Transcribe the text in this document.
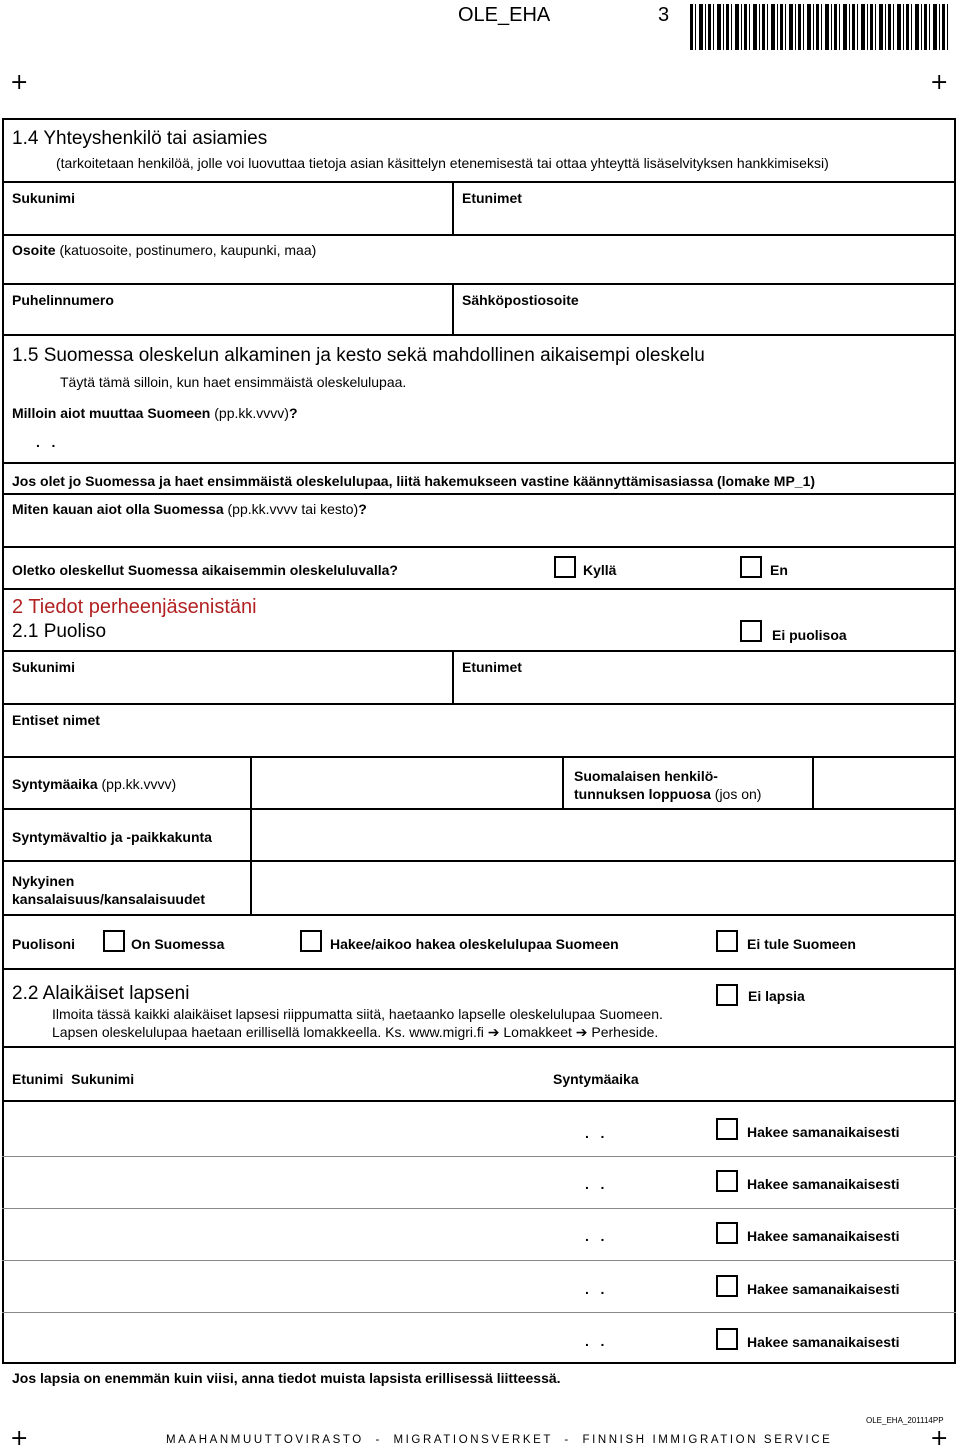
OLE_EHA	3
+	+
1.4 Yhteyshenkilö tai asiamies
(tarkoitetaan henkilöä, jolle voi luovuttaa tietoja asian käsittelyn etenemisestä tai ottaa yhteyttä lisäselvityksen hankkimiseksi)
Sukunimi	Etunimet
Osoite (katuosoite, postinumero, kaupunki, maa)
Puhelinnumero	Sähköpostiosoite
1.5 Suomessa oleskelun alkaminen ja kesto sekä mahdollinen aikaisempi oleskelu
Täytä tämä silloin, kun haet ensimmäistä oleskelulupaa.
Milloin aiot muuttaa Suomeen (pp.kk.vvvv)?
.   .
Jos olet jo Suomessa ja haet ensimmäistä oleskelulupaa, liitä hakemukseen vastine käännyttämisasiassa (lomake MP_1)
Miten kauan aiot olla Suomessa (pp.kk.vvvv tai kesto)?
Oletko oleskellut Suomessa aikaisemmin oleskeluluvalla?	Kyllä	En
2 Tiedot perheenjäsenistäni
2.1 Puoliso	Ei puolisoa
Sukunimi	Etunimet
Entiset nimet
Syntymäaika (pp.kk.vvvv)	Suomalaisen henkilö-
tunnuksen loppuosa (jos on)
Syntymävaltio ja -paikkakunta
Nykyinen
kansalaisuus/kansalaisuudet
Puolisoni	On Suomessa	Hakee/aikoo hakea oleskelulupaa Suomeen	Ei tule Suomeen
2.2 Alaikäiset lapseni	Ei lapsia
Ilmoita tässä kaikki alaikäiset lapsesi riippumatta siitä, haetaanko lapselle oleskelulupaa Suomeen.
Lapsen oleskelulupaa haetaan erillisellä lomakkeella. Ks. www.migri.fi ➔ Lomakkeet ➔ Perheside.
Etunimi  Sukunimi	Syntymäaika
.   .	Hakee samanaikaisesti
.   .	Hakee samanaikaisesti
.   .	Hakee samanaikaisesti
.   .	Hakee samanaikaisesti
.   .	Hakee samanaikaisesti
Jos lapsia on enemmän kuin viisi, anna tiedot muista lapsista erillisessä liitteessä.
OLE_EHA_201114PP
+	MAAHANMUUTTOVIRASTO  -  MIGRATIONSVERKET  -  FINNISH IMMIGRATION SERVICE	+
